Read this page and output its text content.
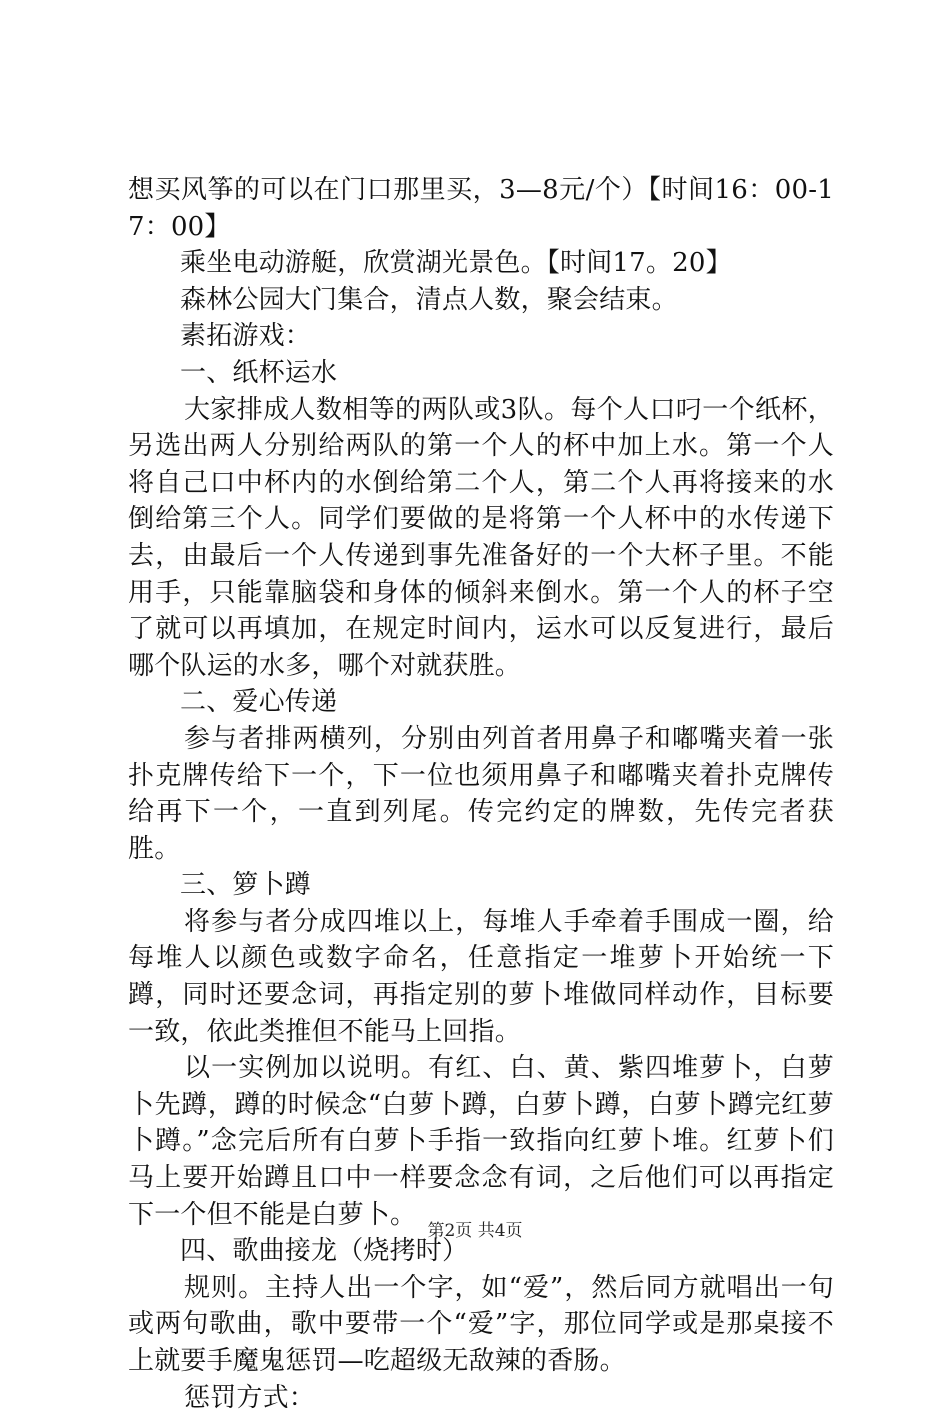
想买风筝的可以在门口那里买，3—8元/个）【时间16：00-17：00】

乘坐电动游艇，欣赏湖光景色。【时间17。20】

森林公园大门集合，清点人数，聚会结束。

素拓游戏：

一、纸杯运水

大家排成人数相等的两队或3队。每个人口叼一个纸杯，另选出两人分别给两队的第一个人的杯中加上水。第一个人将自己口中杯内的水倒给第二个人，第二个人再将接来的水倒给第三个人。同学们要做的是将第一个人杯中的水传递下去，由最后一个人传递到事先准备好的一个大杯子里。不能用手，只能靠脑袋和身体的倾斜来倒水。第一个人的杯子空了就可以再填加，在规定时间内，运水可以反复进行，最后哪个队运的水多，哪个对就获胜。

二、爱心传递

参与者排两横列，分别由列首者用鼻子和嘟嘴夹着一张扑克牌传给下一个，下一位也须用鼻子和嘟嘴夹着扑克牌传给再下一个，一直到列尾。传完约定的牌数，先传完者获胜。

三、箩卜蹲

将参与者分成四堆以上，每堆人手牵着手围成一圈，给每堆人以颜色或数字命名，任意指定一堆萝卜开始统一下蹲，同时还要念词，再指定别的萝卜堆做同样动作，目标要一致，依此类推但不能马上回指。

以一实例加以说明。有红、白、黄、紫四堆萝卜，白萝卜先蹲，蹲的时候念“白萝卜蹲，白萝卜蹲，白萝卜蹲完红萝卜蹲。”念完后所有白萝卜手指一致指向红萝卜堆。红萝卜们马上要开始蹲且口中一样要念念有词，之后他们可以再指定下一个但不能是白萝卜。

四、歌曲接龙（烧拷时）

规则。主持人出一个字，如“爱”，然后同方就唱出一句或两句歌曲，歌中要带一个“爱”字，那位同学或是那桌接不上就要手魔鬼惩罚—吃超级无敌辣的香肠。

惩罚方式：

第2页 共4页
